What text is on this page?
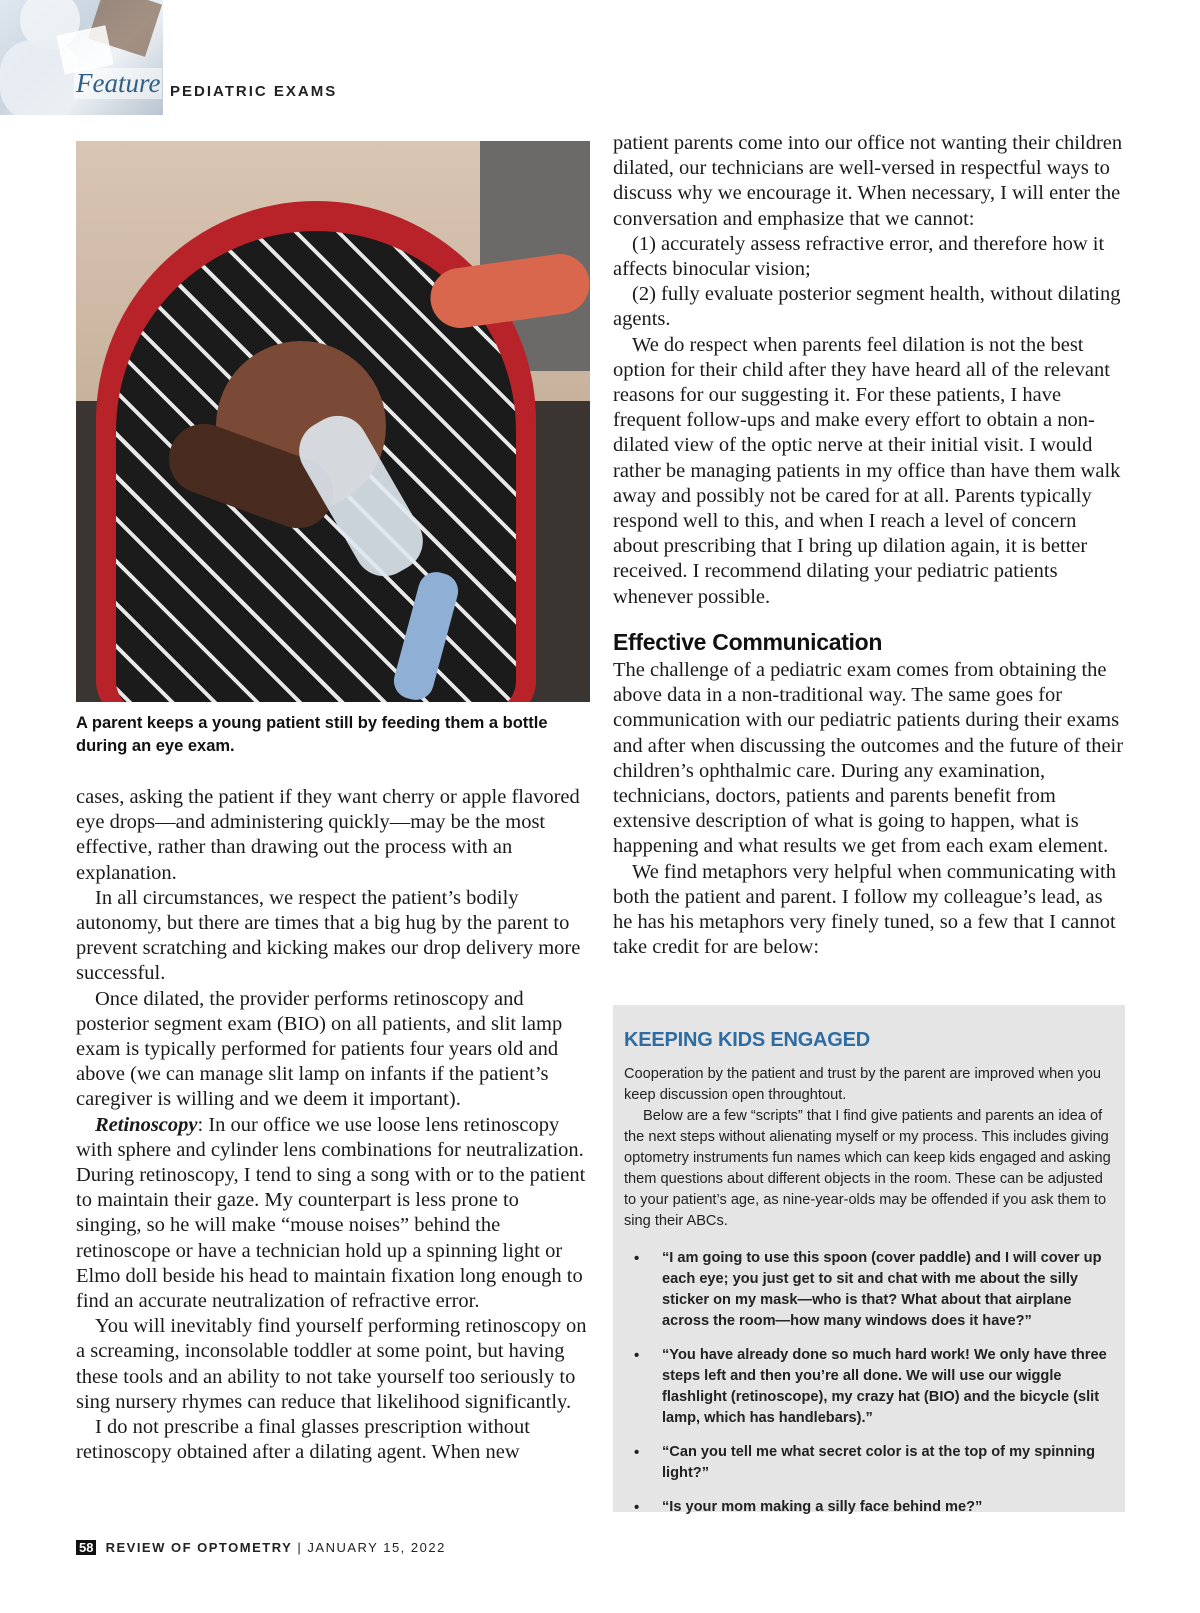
Feature PEDIATRIC EXAMS
A parent keeps a young patient still by feeding them a bottle during an eye exam.

cases, asking the patient if they want cherry or apple flavored eye drops—and administering quickly—may be the most effective, rather than drawing out the process with an explanation.

In all circumstances, we respect the patient’s bodily autonomy, but there are times that a big hug by the parent to prevent scratching and kicking makes our drop delivery more successful.

Once dilated, the provider performs retinoscopy and posterior segment exam (BIO) on all patients, and slit lamp exam is typically performed for patients four years old and above (we can manage slit lamp on infants if the patient’s caregiver is willing and we deem it important).

Retinoscopy: In our office we use loose lens retinoscopy with sphere and cylinder lens combinations for neutralization. During retinoscopy, I tend to sing a song with or to the patient to maintain their gaze. My counterpart is less prone to singing, so he will make “mouse noises” behind the retinoscope or have a technician hold up a spinning light or Elmo doll beside his head to maintain fixation long enough to find an accurate neutralization of refractive error.

You will inevitably find yourself performing retinoscopy on a screaming, inconsolable toddler at some point, but having these tools and an ability to not take yourself too seriously to sing nursery rhymes can reduce that likelihood significantly.

I do not prescribe a final glasses prescription without retinoscopy obtained after a dilating agent. When new

patient parents come into our office not wanting their children dilated, our technicians are well-versed in respectful ways to discuss why we encourage it. When necessary, I will enter the conversation and emphasize that we cannot:

(1) accurately assess refractive error, and therefore how it affects binocular vision;

(2) fully evaluate posterior segment health, without dilating agents.

We do respect when parents feel dilation is not the best option for their child after they have heard all of the relevant reasons for our suggesting it. For these patients, I have frequent follow-ups and make every effort to obtain a non-dilated view of the optic nerve at their initial visit. I would rather be managing patients in my office than have them walk away and possibly not be cared for at all. Parents typically respond well to this, and when I reach a level of concern about prescribing that I bring up dilation again, it is better received. I recommend dilating your pediatric patients whenever possible.

Effective Communication

The challenge of a pediatric exam comes from obtaining the above data in a non-traditional way. The same goes for communication with our pediatric patients during their exams and after when discussing the outcomes and the future of their children’s ophthalmic care. During any examination, technicians, doctors, patients and parents benefit from extensive description of what is going to happen, what is happening and what results we get from each exam element.

We find metaphors very helpful when communicating with both the patient and parent. I follow my colleague’s lead, as he has his metaphors very finely tuned, so a few that I cannot take credit for are below:

KEEPING KIDS ENGAGED

Cooperation by the patient and trust by the parent are improved when you keep discussion open throughtout.

Below are a few “scripts” that I find give patients and parents an idea of the next steps without alienating myself or my process. This includes giving optometry instruments fun names which can keep kids engaged and asking them questions about different objects in the room. These can be adjusted to your patient’s age, as nine-year-olds may be offended if you ask them to sing their ABCs.

• “I am going to use this spoon (cover paddle) and I will cover up each eye; you just get to sit and chat with me about the silly sticker on my mask—who is that? What about that airplane across the room—how many windows does it have?”
• “You have already done so much hard work! We only have three steps left and then you’re all done. We will use our wiggle flashlight (retinoscope), my crazy hat (BIO) and the bicycle (slit lamp, which has handlebars).”
• “Can you tell me what secret color is at the top of my spinning light?”
• “Is your mom making a silly face behind me?”
58 REVIEW OF OPTOMETRY | JANUARY 15, 2022
